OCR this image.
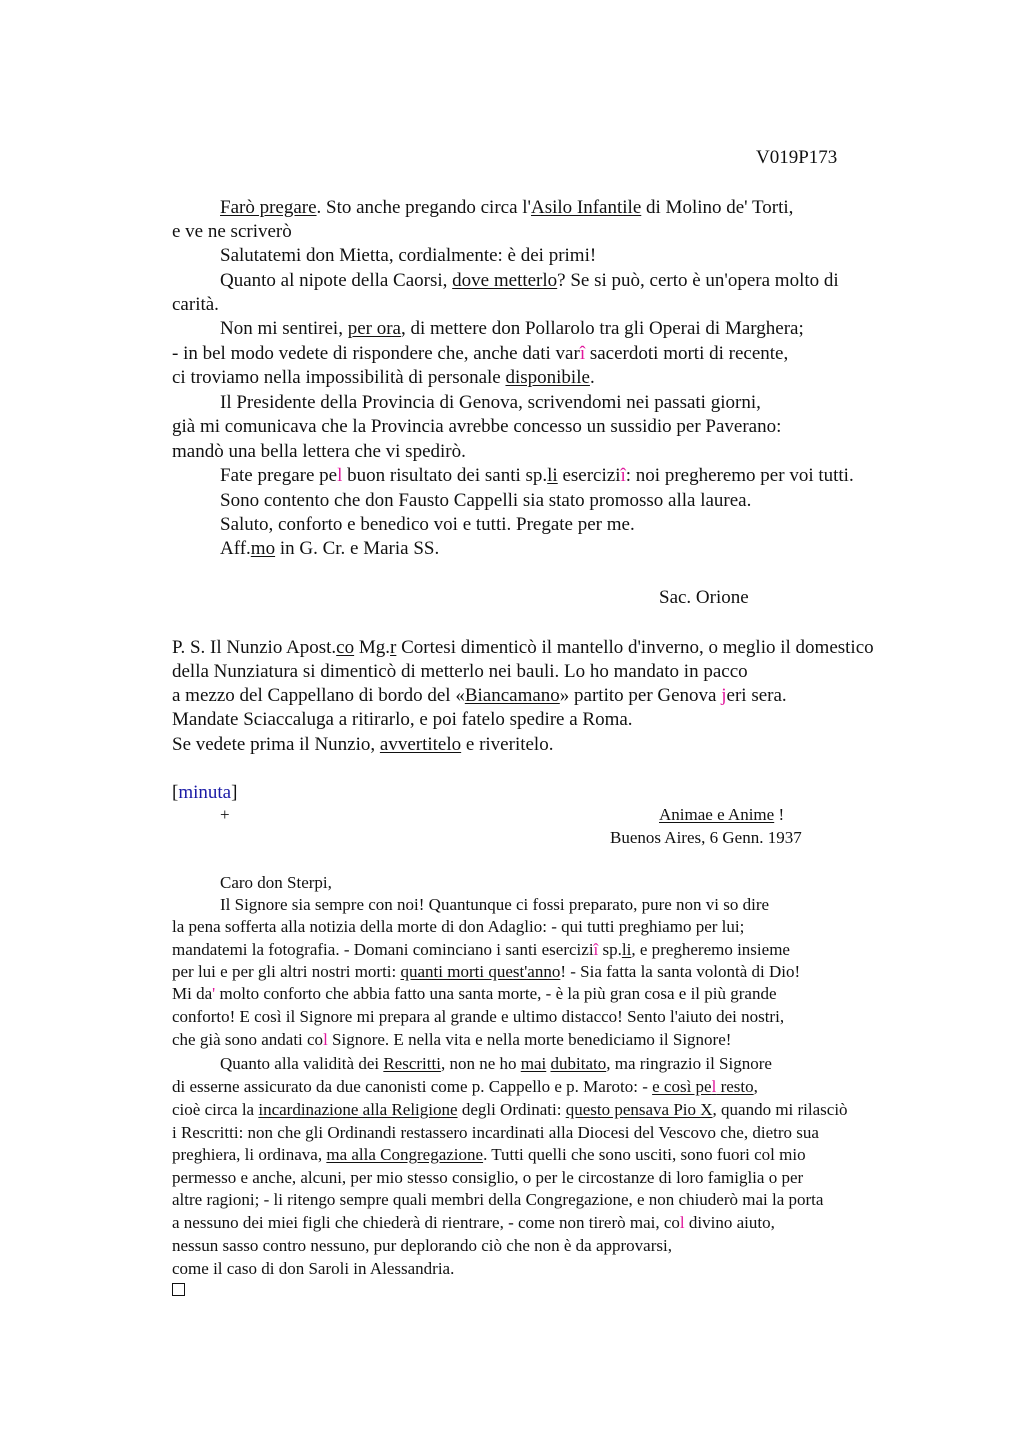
V019P173
Farò pregare. Sto anche pregando circa l'Asilo Infantile di Molino de' Torti,
e ve ne scriverò
Salutatemi don Mietta, cordialmente: è dei primi!
Quanto al nipote della Caorsi, dove metterlo? Se si può, certo è un'opera molto di
carità.
Non mi sentirei, per ora, di mettere don Pollarolo tra gli Operai di Marghera;
- in bel modo vedete di rispondere che, anche dati varî sacerdoti morti di recente,
ci troviamo nella impossibilità di personale disponibile.
Il Presidente della Provincia di Genova, scrivendomi nei passati giorni,
già mi comunicava che la Provincia avrebbe concesso un sussidio per Paverano:
mandò una bella lettera che vi spedirò.
Fate pregare pel buon risultato dei santi sp.li eserciziî: noi pregheremo per voi tutti.
Sono contento che don Fausto Cappelli sia stato promosso alla laurea.
Saluto, conforto e benedico voi e tutti. Pregate per me.
Aff.mo in G. Cr. e Maria SS.
Sac. Orione
P. S. Il Nunzio Apost.co Mg.r Cortesi dimenticò il mantello d'inverno, o meglio il domestico
della Nunziatura si dimenticò di metterlo nei bauli. Lo ho mandato in pacco
a mezzo del Cappellano di bordo del «Biancamano» partito per Genova jeri sera.
Mandate Sciaccaluga a ritirarlo, e poi fatelo spedire a Roma.
Se vedete prima il Nunzio, avvertitelo e riveritelo.
[minuta]
+	Animae e Anime !
Buenos Aires, 6 Genn. 1937
Caro don Sterpi,
Il Signore sia sempre con noi! Quantunque ci fossi preparato, pure non vi so dire
la pena sofferta alla notizia della morte di don Adaglio: - qui tutti preghiamo per lui;
mandatemi la fotografia. - Domani cominciano i santi eserciziî sp.li, e pregheremo insieme
per lui e per gli altri nostri morti: quanti morti quest'anno! - Sia fatta la santa volontà di Dio!
Mi da' molto conforto che abbia fatto una santa morte, - è la più gran cosa e il più grande
conforto! E così il Signore mi prepara al grande e ultimo distacco! Sento l'aiuto dei nostri,
che già sono andati col Signore. E nella vita e nella morte benediciamo il Signore!
Quanto alla validità dei Rescritti, non ne ho mai dubitato, ma ringrazio il Signore
di esserne assicurato da due canonisti come p. Cappello e p. Maroto: - e così pel resto,
cioè circa la incardinazione alla Religione degli Ordinati: questo pensava Pio X, quando mi rilasciò
i Rescritti: non che gli Ordinandi restassero incardinati alla Diocesi del Vescovo che, dietro sua
preghiera, li ordinava, ma alla Congregazione. Tutti quelli che sono usciti, sono fuori col mio
permesso e anche, alcuni, per mio stesso consiglio, o per le circostanze di loro famiglia o per
altre ragioni; - li ritengo sempre quali membri della Congregazione, e non chiuderò mai la porta
a nessuno dei miei figli che chiederà di rientrare, - come non tirerò mai, col divino aiuto,
nessun sasso contro nessuno, pur deplorando ciò che non è da approvarsi,
come il caso di don Saroli in Alessandria.
